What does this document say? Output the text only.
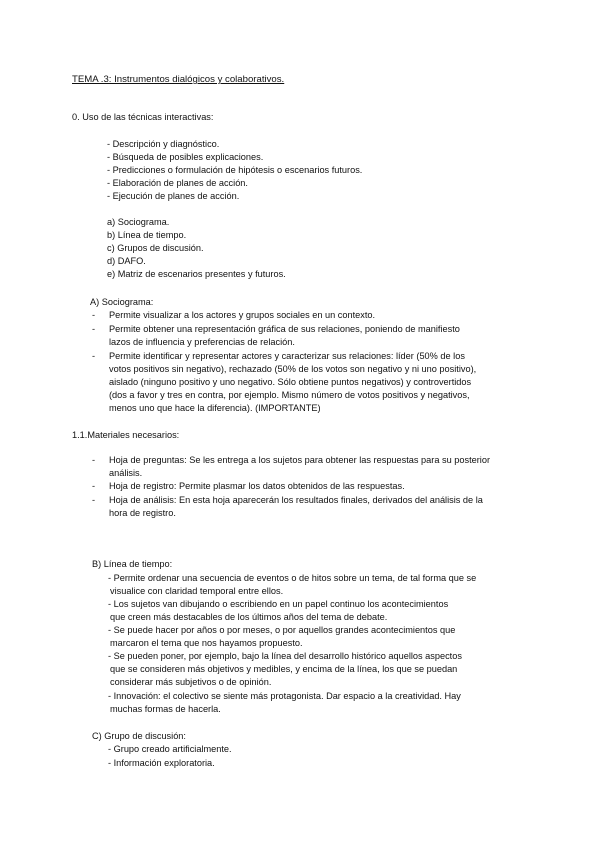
TEMA .3: Instrumentos dialógicos y colaborativos.
0. Uso de las técnicas interactivas:
- Descripción y diagnóstico.
- Búsqueda de posibles explicaciones.
- Predicciones o formulación de hipótesis o escenarios futuros.
- Elaboración de planes de acción.
- Ejecución de planes de acción.
a) Sociograma.
b) Línea de tiempo.
c) Grupos de discusión.
d) DAFO.
e) Matriz de escenarios presentes y futuros.
A) Sociograma:
- Permite visualizar a los actores y grupos sociales en un contexto.
- Permite obtener una representación gráfica de sus relaciones, poniendo de manifiesto
lazos de influencia y preferencias de relación.
- Permite identificar y representar actores y caracterizar sus relaciones: líder (50% de los
votos positivos sin negativo), rechazado (50% de los votos son negativo y ni uno positivo),
aislado (ninguno positivo y uno negativo. Sólo obtiene puntos negativos) y controvertidos
(dos a favor y tres en contra, por ejemplo. Mismo número de votos positivos y negativos,
menos uno que hace la diferencia). (IMPORTANTE)
1.1.Materiales necesarios:
- Hoja de preguntas: Se les entrega a los sujetos para obtener las respuestas para su posterior
análisis.
- Hoja de registro: Permite plasmar los datos obtenidos de las respuestas.
- Hoja de análisis: En esta hoja aparecerán los resultados finales, derivados del análisis de la
hora de registro.
B) Línea de tiempo:
- Permite ordenar una secuencia de eventos o de hitos sobre un tema, de tal forma que se
visualice con claridad temporal entre ellos.
- Los sujetos van dibujando o escribiendo en un papel continuo los acontecimientos
que creen más destacables de los últimos años del tema de debate.
- Se puede hacer por años o por meses, o por aquellos grandes acontecimientos que
marcaron el tema que nos hayamos propuesto.
- Se pueden poner, por ejemplo, bajo la línea del desarrollo histórico aquellos aspectos
que se consideren más objetivos y medibles, y encima de la línea, los que se puedan
considerar más subjetivos o de opinión.
- Innovación: el colectivo se siente más protagonista. Dar espacio a la creatividad. Hay
muchas formas de hacerla.
C) Grupo de discusión:
- Grupo creado artificialmente.
- Información exploratoria.
